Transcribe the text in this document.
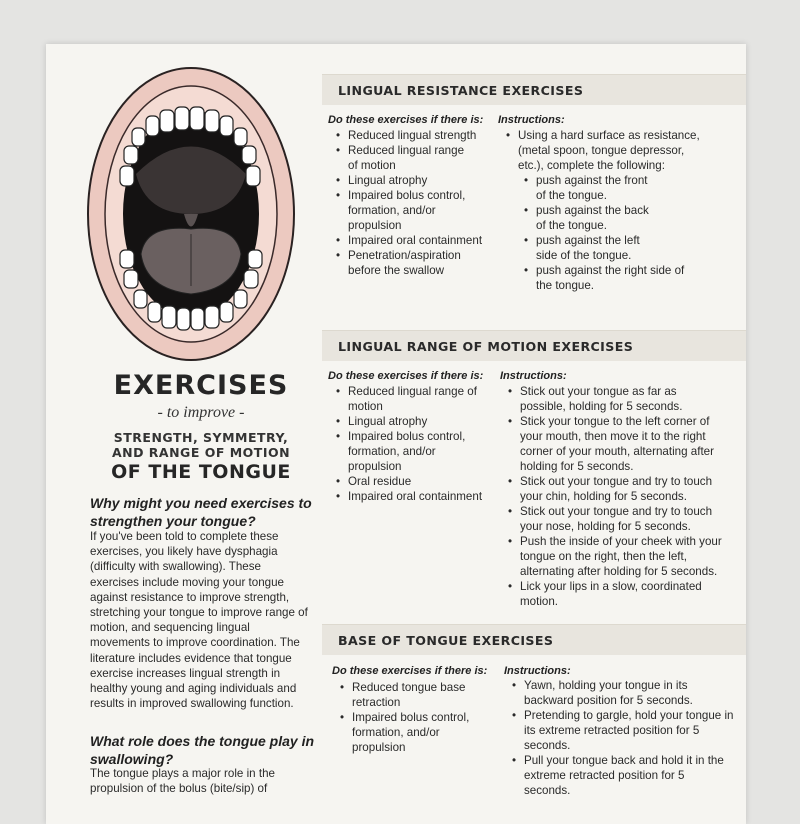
EXERCISES
- to improve -
STRENGTH, SYMMETRY,
AND RANGE OF MOTION
OF THE TONGUE
Why might you need exercises to strengthen your tongue?
If you've been told to complete these exercises, you likely have dysphagia (difficulty with swallowing). These exercises include moving your tongue against resistance to improve strength, stretching your tongue to improve range of motion, and sequencing lingual movements to improve coordination. The literature includes evidence that tongue exercise increases lingual strength in healthy young and aging individuals and results in improved swallowing function.
What role does the tongue play in swallowing?
The tongue plays a major role in the propulsion of the bolus (bite/sip) of
LINGUAL RESISTANCE EXERCISES
Do these exercises if there is:
• Reduced lingual strength
• Reduced lingual range of motion
• Lingual atrophy
• Impaired bolus control, formation, and/or propulsion
• Impaired oral containment
• Penetration/aspiration before the swallow
Instructions:
• Using a hard surface as resistance, (metal spoon, tongue depressor, etc.), complete the following:
• push against the front of the tongue.
• push against the back of the tongue.
• push against the left side of the tongue.
• push against the right side of the tongue.
LINGUAL RANGE OF MOTION EXERCISES
Do these exercises if there is:
• Reduced lingual range of motion
• Lingual atrophy
• Impaired bolus control, formation, and/or propulsion
• Oral residue
• Impaired oral containment
Instructions:
• Stick out your tongue as far as possible, holding for 5 seconds.
• Stick your tongue to the left corner of your mouth, then move it to the right corner of your mouth, alternating after holding for 5 seconds.
• Stick out your tongue and try to touch your chin, holding for 5 seconds.
• Stick out your tongue and try to touch your nose, holding for 5 seconds.
• Push the inside of your cheek with your tongue on the right, then the left, alternating after holding for 5 seconds.
• Lick your lips in a slow, coordinated motion.
BASE OF TONGUE EXERCISES
Do these exercises if there is:
• Reduced tongue base retraction
• Impaired bolus control, formation, and/or propulsion
Instructions:
• Yawn, holding your tongue in its backward position for 5 seconds.
• Pretending to gargle, hold your tongue in its extreme retracted position for 5 seconds.
• Pull your tongue back and hold it in the extreme retracted position for 5 seconds.
